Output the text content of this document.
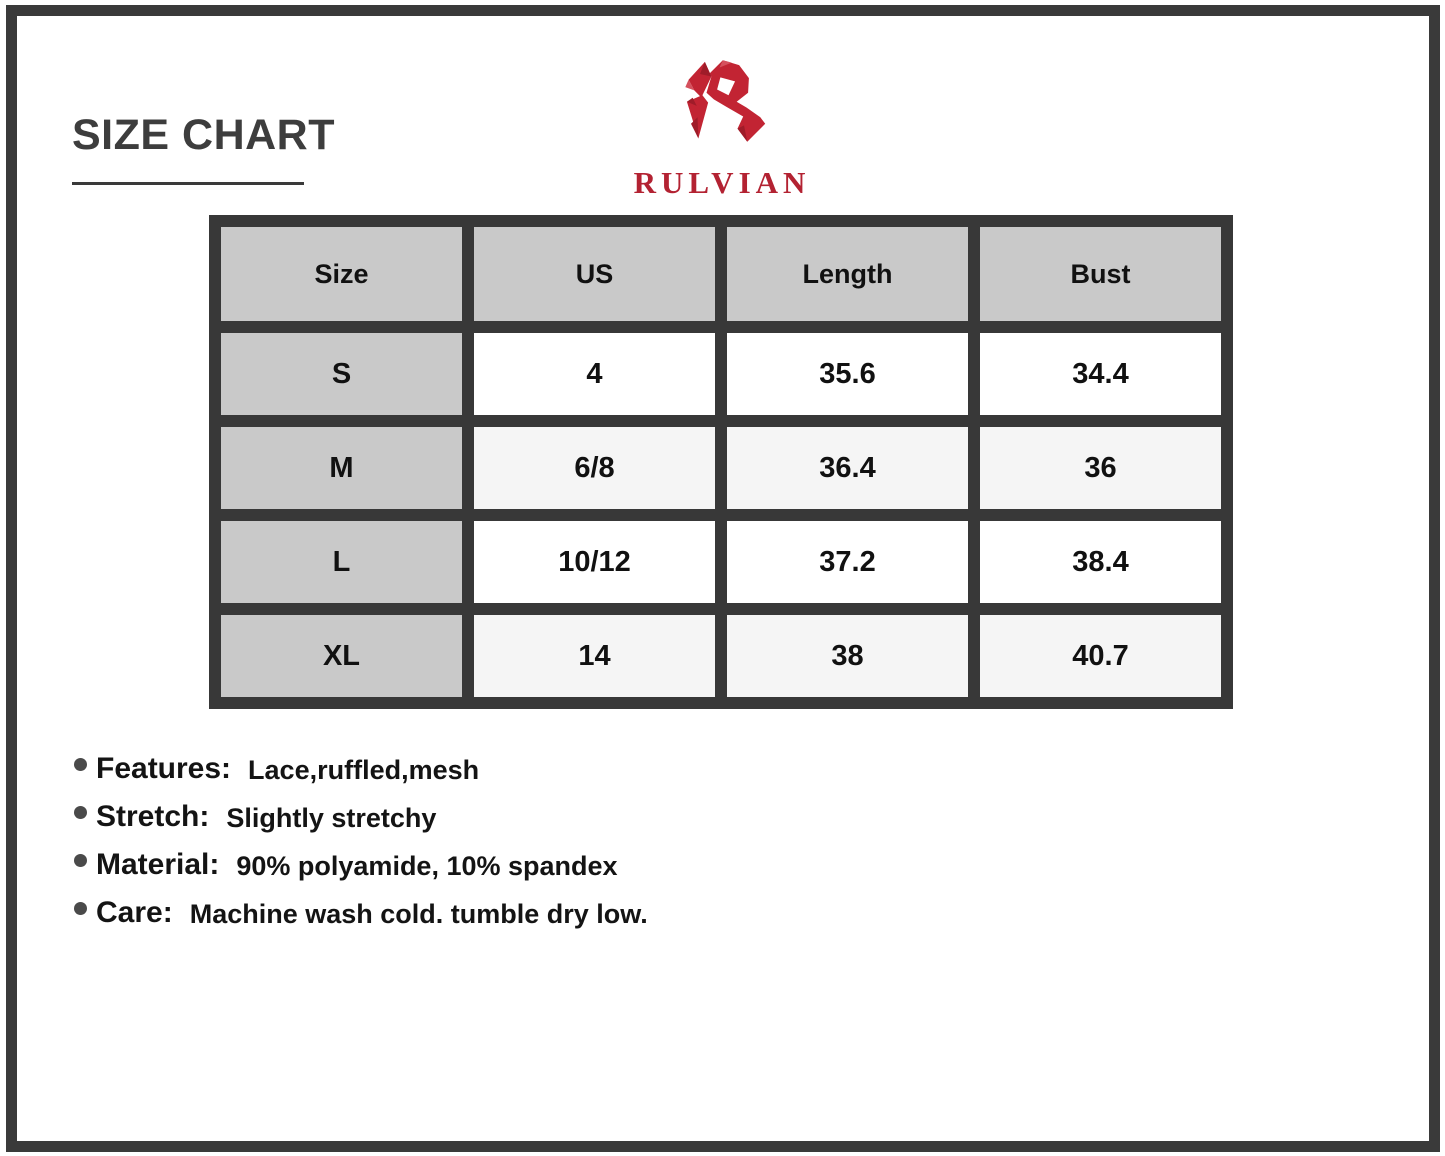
SIZE CHART
RULVIAN
Size	US	Length	Bust
S	4	35.6	34.4
M	6/8	36.4	36
L	10/12	37.2	38.4
XL	14	38	40.7
Features: Lace,ruffled,mesh
Stretch: Slightly stretchy
Material: 90% polyamide, 10% spandex
Care: Machine wash cold. tumble dry low.
